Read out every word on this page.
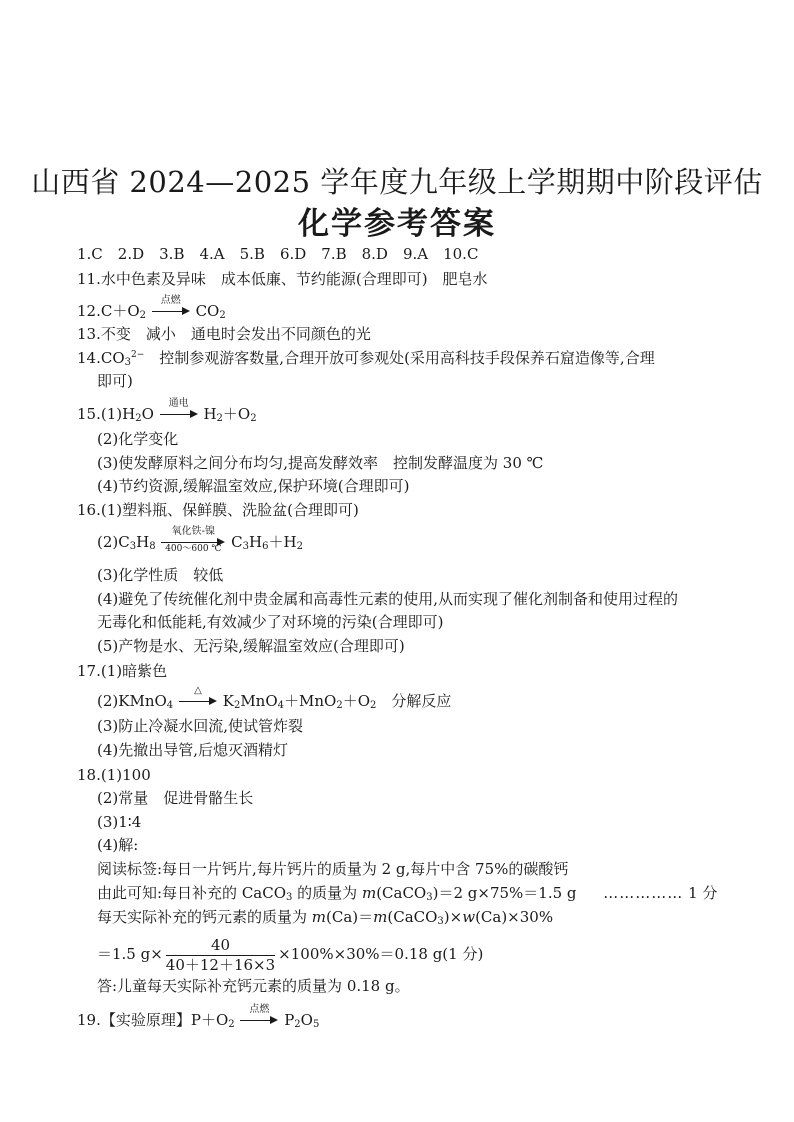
山西省 2024—2025 学年度九年级上学期期中阶段评估
化学参考答案
1.C　2.D　3.B　4.A　5.B　6.D　7.B　8.D　9.A　10.C
11.水中色素及异味　成本低廉、节约能源(合理即可)　肥皂水
$12.C+O_2$
点燃
$CO_2$
13.不变　减小　通电时会发出不同颜色的光
$14.CO_3^{2-}$　控制参观游客数量,合理开放可参观处(采用高科技手段保养石窟造像等,合理
即可)
$15.(1)H_2O$
通电
$H_2+O_2$
(2)化学变化
(3)使发酵原料之间分布均匀,提高发酵效率　控制发酵温度为 30 ℃
(4)节约资源,缓解温室效应,保护环境(合理即可)
16.(1)塑料瓶、保鲜膜、洗脸盆(合理即可)
$(2)C_3H_8$
氧化铁-镍
400～600 ℃ $C_3H_6+H_2$
(3)化学性质　较低
(4)避免了传统催化剂中贵金属和高毒性元素的使用,从而实现了催化剂制备和使用过程的
无毒化和低能耗,有效减少了对环境的污染(合理即可)
(5)产物是水、无污染,缓解温室效应(合理即可)
17.(1)暗紫色
(2)KMnO$_4$
△
$K_2MnO_4+MnO_2+O_2$　分解反应
(3)防止冷凝水回流,使试管炸裂
(4)先撤出导管,后熄灭酒精灯
18.(1)100
(2)常量　促进骨骼生长
(3)1∶4
(4)解:
阅读标签:每日一片钙片,每片钙片的质量为 2 g,每片中含 75%的碳酸钙
由此可知:每日补充的 CaCO$_3$ 的质量为 m(CaCO$_3$)＝2 g×75%＝1.5 g …………… 1 分
每天实际补充的钙元素的质量为 m(Ca)＝m(CaCO$_3$)×w(Ca)×30%
＝1.5 $g\times \frac{40}{40+12+16\times 3} \times 100\%\times 30\%=0.18$ g(1 分)
答:儿童每天实际补充钙元素的质量为 0.18 g。
19.【实验原理】$P+O_2$
点燃
$P_2O_5$
